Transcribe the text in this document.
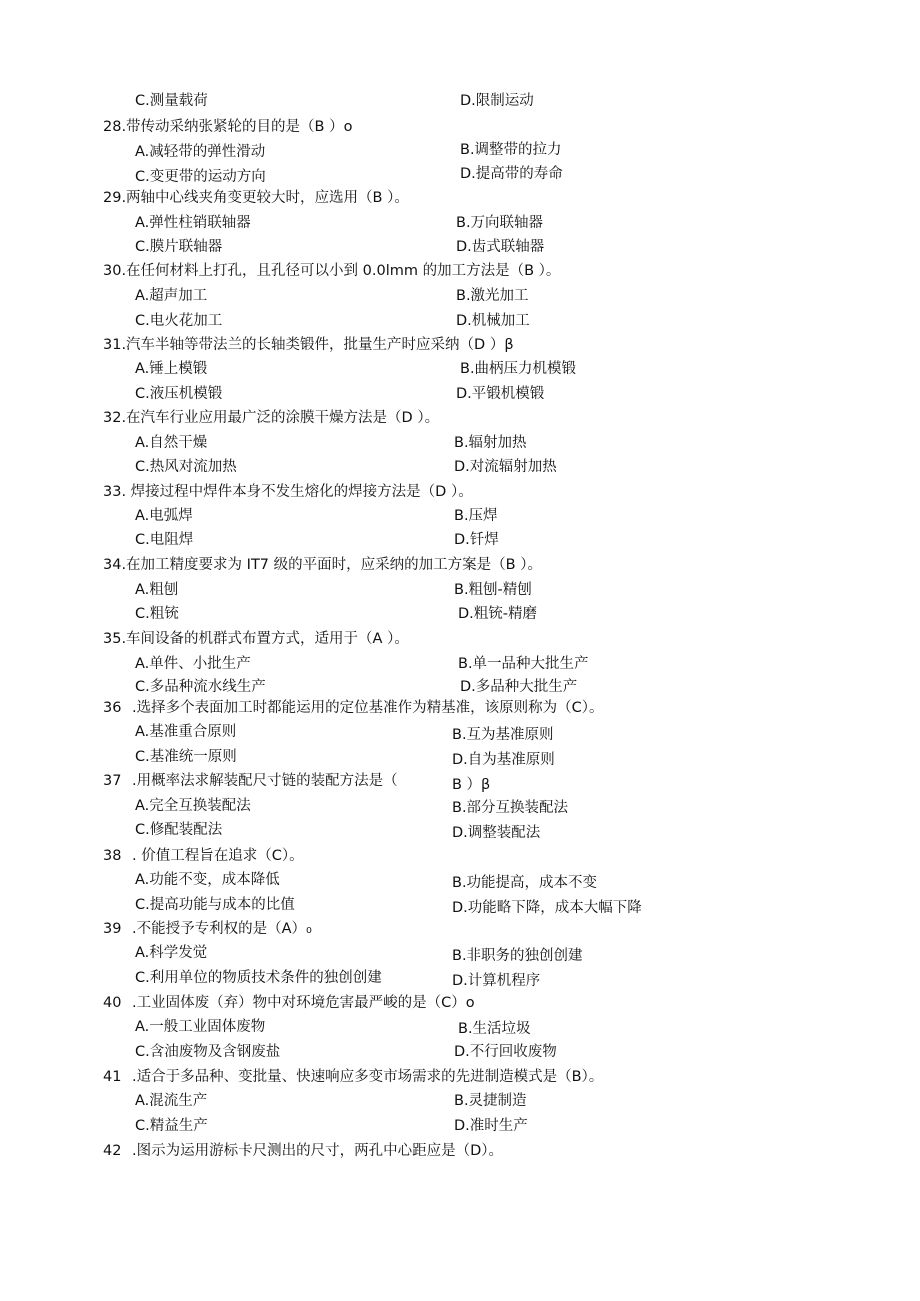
C.测量载荷	D.限制运动
28.带传动采纳张紧轮的目的是（B ）o
A.减轻带的弹性滑动	B.调整带的拉力
C.变更带的运动方向	D.提高带的寿命
29.两轴中心线夹角变更较大时，应选用（B ）。
A.弹性柱销联轴器	B.万向联轴器
C.膜片联轴器	D.齿式联轴器
30.在任何材料上打孔，且孔径可以小到 0.0lmm 的加工方法是（B ）。
A.超声加工	B.激光加工
C.电火花加工	D.机械加工
31.汽车半轴等带法兰的长轴类锻件，批量生产时应采纳（D ）β
A.锤上模锻	B.曲柄压力机模锻
C.液压机模锻	D.平锻机模锻
32.在汽车行业应用最广泛的涂膜干燥方法是（D ）。
A.自然干燥	B.辐射加热
C.热风对流加热	D.对流辐射加热
33. 焊接过程中焊件本身不发生熔化的焊接方法是（D ）。
A.电弧焊	B.压焊
C.电阻焊	D.钎焊
34.在加工精度要求为 IT7 级的平面时，应采纳的加工方案是（B ）。
A.粗刨	B.粗刨-精刨
C.粗铳	D.粗铳-精磨
35.车间设备的机群式布置方式，适用于（A ）。
A.单件、小批生产	B.单一品种大批生产
C.多品种流水线生产	D.多品种大批生产
36 .选择多个表面加工时都能运用的定位基准作为精基准，该原则称为（C）。
A.基准重合原则	B.互为基准原则
C.基准统一原则	D.自为基准原则
37 .用概率法求解装配尺寸链的装配方法是（	B ）β
A.完全互换装配法	B.部分互换装配法
C.修配装配法	D.调整装配法
38 . 价值工程旨在追求（C）。
A.功能不变，成本降低	B.功能提高，成本不变
C.提高功能与成本的比值	D.功能略下降，成本大幅下降
39 .不能授予专利权的是（A）₀
A.科学发觉	B.非职务的独创创建
C.利用单位的物质技术条件的独创创建	D.计算机程序
40 .工业固体废（弃）物中对环境危害最严峻的是（C）o
A.一般工业固体废物	B.生活垃圾
C.含油废物及含钢废盐	D.不行回收废物
41 .适合于多品种、变批量、快速响应多变市场需求的先进制造模式是（B）。
A.混流生产	B.灵捷制造
C.精益生产	D.准时生产
42 .图示为运用游标卡尺测出的尺寸，两孔中心距应是（D）。
